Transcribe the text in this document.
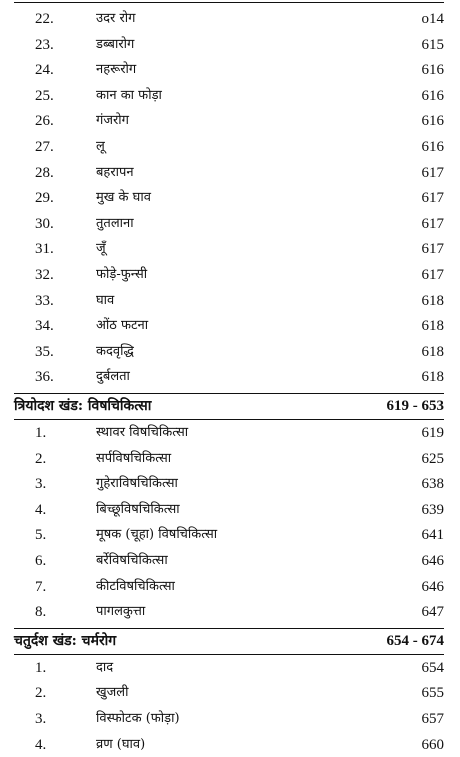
22.	उदर रोग	o14
23.	डब्बारोग	615
24.	नहरूरोग	616
25.	कान का फोड़ा	616
26.	गंजरोग	616
27.	लू	616
28.	बहरापन	617
29.	मुख के घाव	617
30.	तुतलाना	617
31.	जूँ	617
32.	फोड़े-फुन्सी	617
33.	घाव	618
34.	ओंठ फटना	618
35.	कदवृद्धि	618
36.	दुर्बलता	618
त्रियोदश खंड: विषचिकित्सा	619 - 653
1.	स्थावर विषचिकित्सा	619
2.	सर्पविषचिकित्सा	625
3.	गुहेराविषचिकित्सा	638
4.	बिच्छूविषचिकित्सा	639
5.	मूषक (चूहा) विषचिकित्सा	641
6.	बर्रेविषचिकित्सा	646
7.	कीटविषचिकित्सा	646
8.	पागलकुत्ता	647
चतुर्दश खंड: चर्मरोग	654 - 674
1.	दाद	654
2.	खुजली	655
3.	विस्फोटक (फोड़ा)	657
4.	व्रण (घाव)	660
